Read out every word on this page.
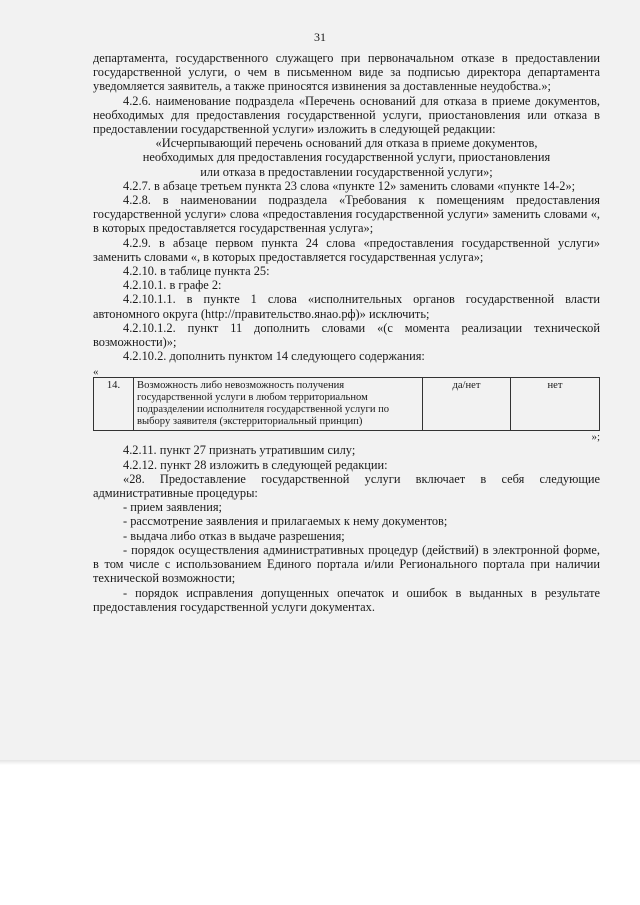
31

департамента, государственного служащего при первоначальном отказе в предоставлении государственной услуги, о чем в письменном виде за подписью директора департамента уведомляется заявитель, а также приносятся извинения за доставленные неудобства.»;

4.2.6. наименование подраздела «Перечень оснований для отказа в приеме документов, необходимых для предоставления государственной услуги, приостановления или отказа в предоставлении государственной услуги» изложить в следующей редакции:

«Исчерпывающий перечень оснований для отказа в приеме документов, необходимых для предоставления государственной услуги, приостановления или отказа в предоставлении государственной услуги»;

4.2.7. в абзаце третьем пункта 23 слова «пункте 12» заменить словами «пункте 14-2»;

4.2.8. в наименовании подраздела «Требования к помещениям предоставления государственной услуги» слова «предоставления государственной услуги» заменить словами «, в которых предоставляется государственная услуга»;

4.2.9. в абзаце первом пункта 24 слова «предоставления государственной услуги» заменить словами «, в которых предоставляется государственная услуга»;

4.2.10. в таблице пункта 25:

4.2.10.1. в графе 2:

4.2.10.1.1. в пункте 1 слова «исполнительных органов государственной власти автономного округа (http://правительство.янао.рф)» исключить;

4.2.10.1.2. пункт 11 дополнить словами «(с момента реализации технической возможности)»;

4.2.10.2. дополнить пунктом 14 следующего содержания:

«
14.	Возможность либо невозможность получения государственной услуги в любом территориальном подразделении исполнителя государственной услуги по выбору заявителя (экстерриториальный принцип)	да/нет	нет
»;

4.2.11. пункт 27 признать утратившим силу;

4.2.12. пункт 28 изложить в следующей редакции:

«28. Предоставление государственной услуги включает в себя следующие административные процедуры:

- прием заявления;

- рассмотрение заявления и прилагаемых к нему документов;

- выдача либо отказ в выдаче разрешения;

- порядок осуществления административных процедур (действий) в электронной форме, в том числе с использованием Единого портала и/или Регионального портала при наличии технической возможности;

- порядок исправления допущенных опечаток и ошибок в выданных в результате предоставления государственной услуги документах.
